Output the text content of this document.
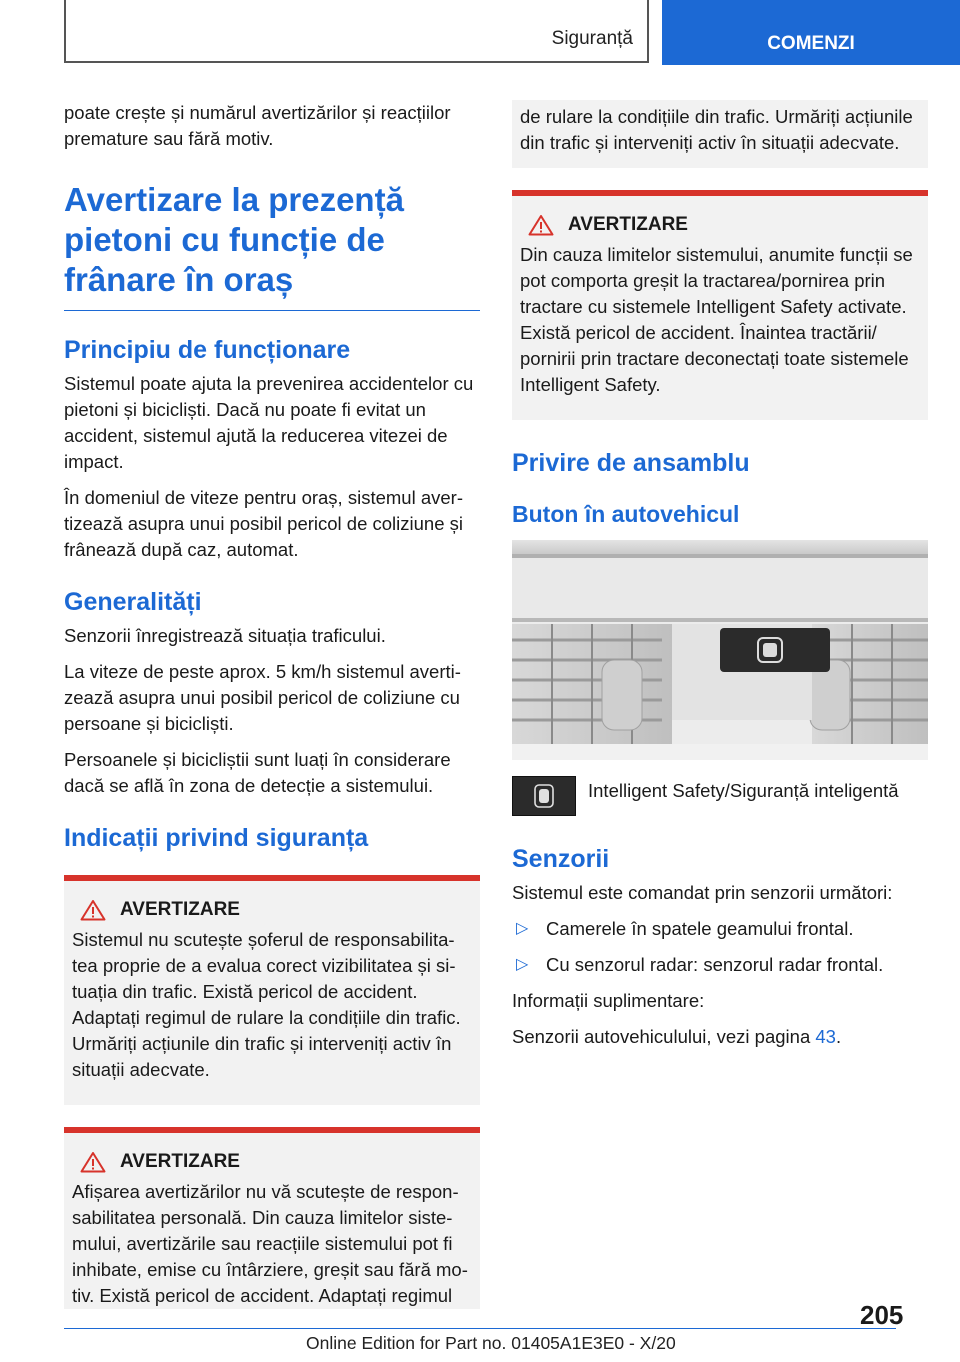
Siguranță	COMENZI

poate crește și numărul avertizărilor și reacțiilor premature sau fără motiv.

Avertizare la prezență pietoni cu funcție de frânare în oraș
Principiu de funcționare

Sistemul poate ajuta la prevenirea accidentelor cu pietoni și bicicliști. Dacă nu poate fi evitat un accident, sistemul ajută la reducerea vitezei de impact.

În domeniul de viteze pentru oraș, sistemul avertizează asupra unui posibil pericol de coliziune și frânează după caz, automat.

Generalități

Senzorii înregistrează situația traficului.

La viteze de peste aprox. 5 km/h sistemul avertizează asupra unui posibil pericol de coliziune cu persoane și bicicliști.

Persoanele și bicicliștii sunt luați în considerare dacă se află în zona de detecție a sistemului.

Indicații privind siguranța
AVERTIZARE

Sistemul nu scutește șoferul de responsabilitatea proprie de a evalua corect vizibilitatea și situația din trafic. Există pericol de accident. Adaptați regimul de rulare la condițiile din trafic. Urmăriți acțiunile din trafic și interveniți activ în situații adecvate.

AVERTIZARE

Afișarea avertizărilor nu vă scutește de responsabilitatea personală. Din cauza limitelor sistemului, avertizările sau reacțiile sistemului pot fi inhibate, emise cu întârziere, greșit sau fără motiv. Există pericol de accident. Adaptați regimul

de rulare la condițiile din trafic. Urmăriți acțiunile din trafic și interveniți activ în situații adecvate.

AVERTIZARE

Din cauza limitelor sistemului, anumite funcții se pot comporta greșit la tractarea/pornirea prin tractare cu sistemele Intelligent Safety activate. Există pericol de accident. Înaintea tractării/ pornirii prin tractare deconectați toate sistemele Intelligent Safety.

Privire de ansamblu
Buton în autovehicul

Intelligent Safety/Siguranță inteligentă

Senzorii

Sistemul este comandat prin senzorii următori:

▷ Camerele în spatele geamului frontal.

▷ Cu senzorul radar: senzorul radar frontal.

Informații suplimentare:

Senzorii autovehiculului, vezi pagina 43.

205
Online Edition for Part no. 01405A1E3E0 - X/20
